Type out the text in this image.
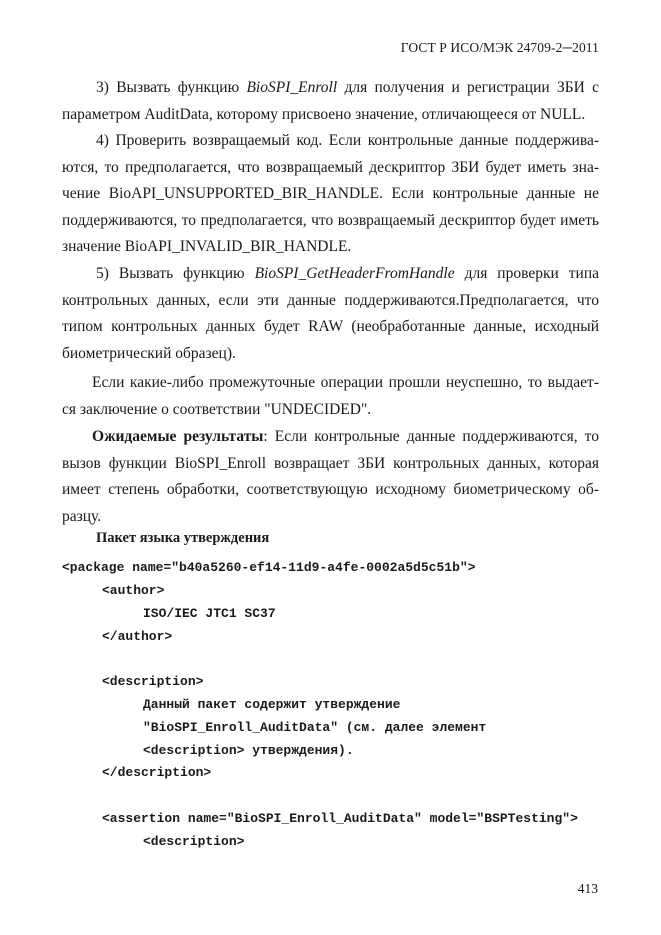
ГОСТ Р ИСО/МЭК 24709-2─2011

3) Вызвать функцию BioSPI_Enroll для получения и регистрации ЗБИ с параметром AuditData, которому присвоено значение, отличающееся от NULL.

4) Проверить возвращаемый код. Если контрольные данные поддержива-ются, то предполагается, что возвращаемый дескриптор ЗБИ будет иметь зна-чение BioAPI_UNSUPPORTED_BIR_HANDLE. Если контрольные данные не поддерживаются, то предполагается, что возвращаемый дескриптор будет иметь значение BioAPI_INVALID_BIR_HANDLE.

5) Вызвать функцию BioSPI_GetHeaderFromHandle для проверки типа контрольных данных, если эти данные поддерживаются.Предполагается, что типом контрольных данных будет RAW (необработанные данные, исходный биометрический образец).

Если какие-либо промежуточные операции прошли неуспешно, то выдает-ся заключение о соответствии "UNDECIDED".

Ожидаемые результаты: Если контрольные данные поддерживаются, то вызов функции BioSPI_Enroll возвращает ЗБИ контрольных данных, которая имеет степень обработки, соответствующую исходному биометрическому об-разцу.

Пакет языка утверждения
<package name="b40a5260-ef14-11d9-a4fe-0002a5d5c51b">
<author>
ISO/IEC JTC1 SC37
</author>
<description>
Данный пакет содержит утверждение
"BioSPI_Enroll_AuditData" (см. далее элемент
<description> утверждения).
</description>
<assertion name="BioSPI_Enroll_AuditData" model="BSPTesting">
<description>
413
